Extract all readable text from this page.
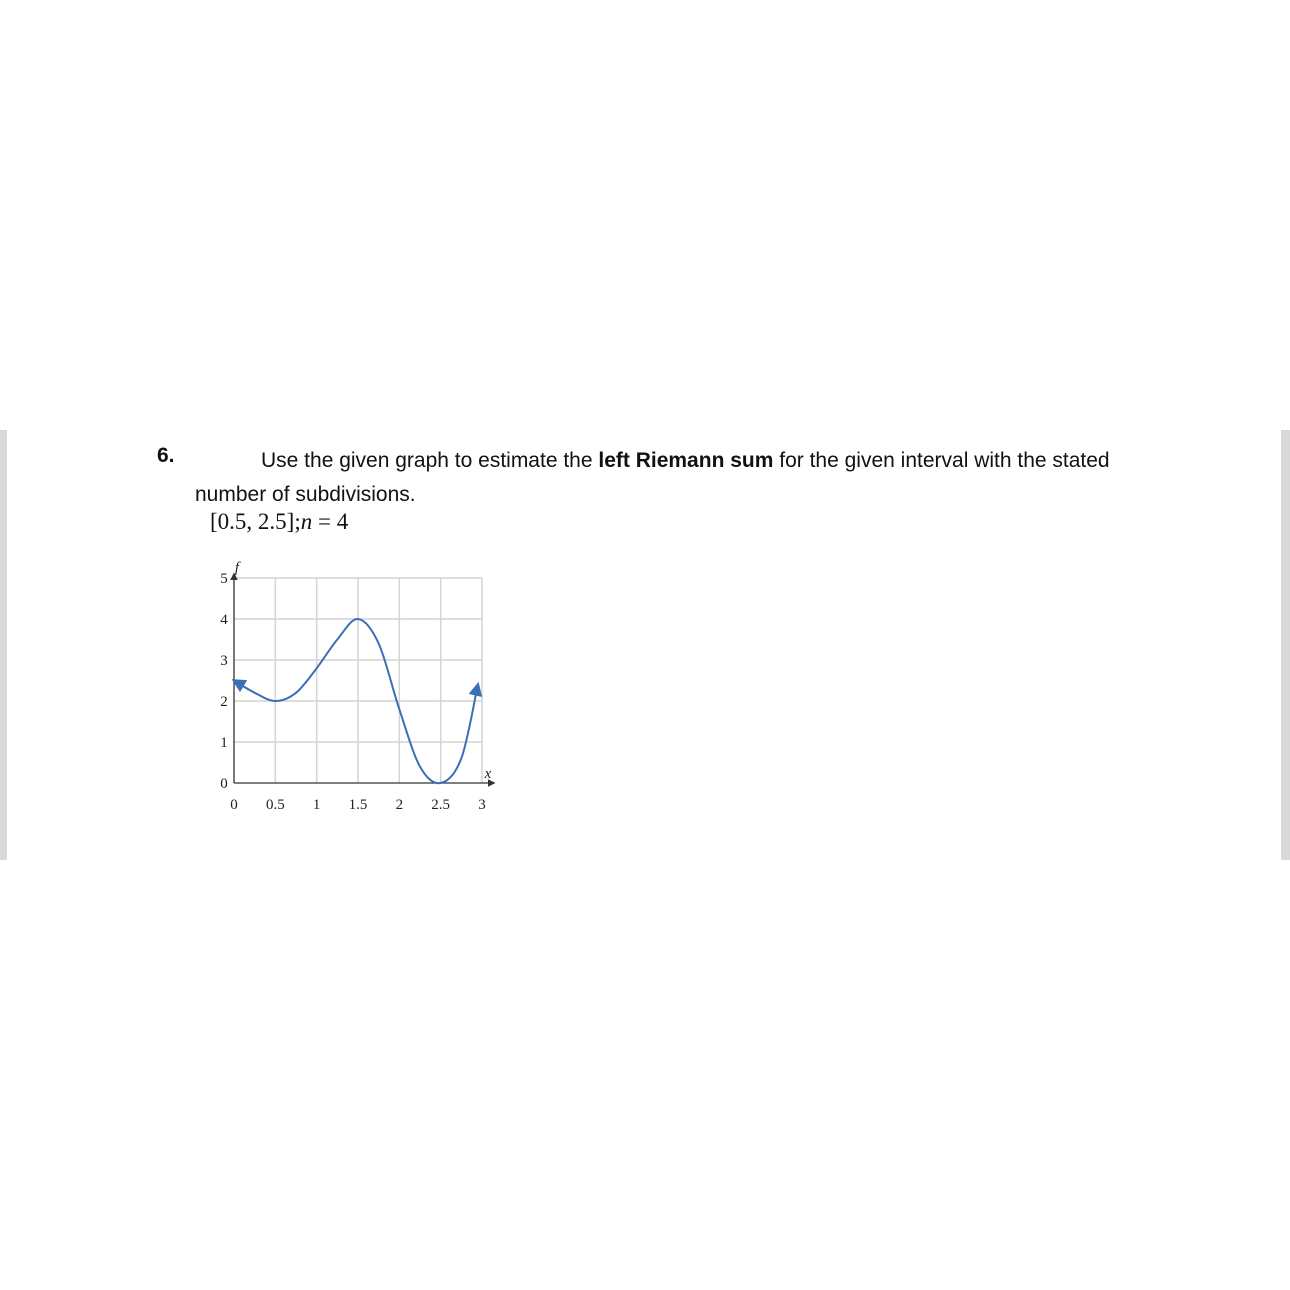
6.	Use the given graph to estimate the left Riemann sum for the given interval with the stated number of subdivisions.
[0.5, 2.5];n = 4
0 0.5 1 1.5 2 2.5 3
0
1
2
3
4
5
x
f
